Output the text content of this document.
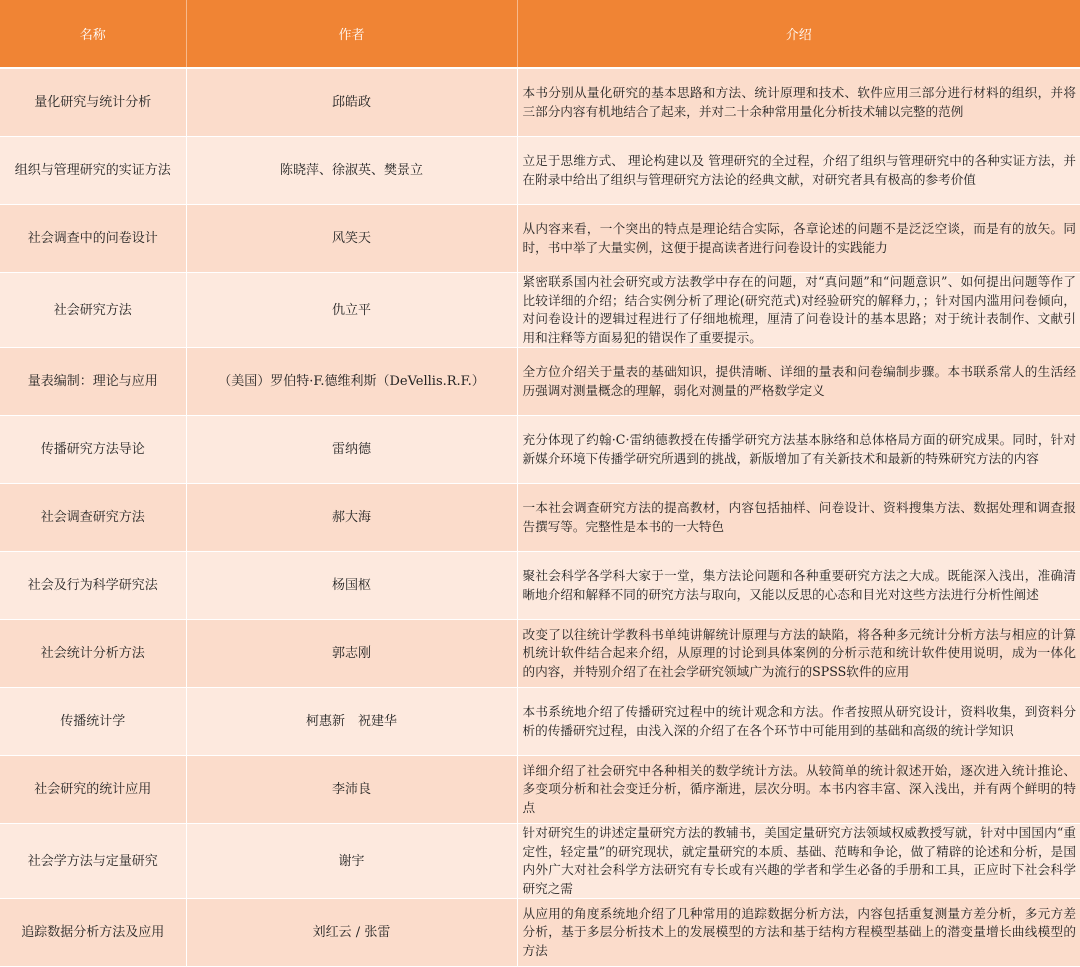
名称	作者	介绍
量化研究与统计分析	邱皓政	本书分别从量化研究的基本思路和方法、统计原理和技术、软件应用三部分进行材料的组织，并将三部分内容有机地结合了起来，并对二十余种常用量化分析技术辅以完整的范例
组织与管理研究的实证方法	陈晓萍、徐淑英、樊景立	立足于思维方式、 理论构建以及 管理研究的全过程，介绍了组织与管理研究中的各种实证方法，并在附录中给出了组织与管理研究方法论的经典文献，对研究者具有极高的参考价值
社会调查中的问卷设计	风笑天	从内容来看，一个突出的特点是理论结合实际，各章论述的问题不是泛泛空谈，而是有的放矢。同时，书中举了大量实例，这便于提高读者进行问卷设计的实践能力
社会研究方法	仇立平	紧密联系国内社会研究或方法教学中存在的问题，对“真问题”和“问题意识”、如何提出问题等作了比较详细的介绍；结合实例分析了理论(研究范式)对经验研究的解释力，；针对国内滥用问卷倾向，对问卷设计的逻辑过程进行了仔细地梳理，厘清了问卷设计的基本思路；对于统计表制作、文献引用和注释等方面易犯的错误作了重要提示。
量表编制：理论与应用	（美国）罗伯特·F.德维利斯（DeVellis.R.F.）	全方位介绍关于量表的基础知识，提供清晰、详细的量表和问卷编制步骤。本书联系常人的生活经历强调对测量概念的理解，弱化对测量的严格数学定义
传播研究方法导论	雷纳德	充分体现了约翰·C·雷纳德教授在传播学研究方法基本脉络和总体格局方面的研究成果。同时，针对新媒介环境下传播学研究所遇到的挑战，新版增加了有关新技术和最新的特殊研究方法的内容
社会调查研究方法	郝大海	一本社会调查研究方法的提高教材，内容包括抽样、问卷设计、资料搜集方法、数据处理和调查报告撰写等。完整性是本书的一大特色
社会及行为科学研究法	杨国枢	聚社会科学各学科大家于一堂，集方法论问题和各种重要研究方法之大成。既能深入浅出，准确清晰地介绍和解释不同的研究方法与取向，又能以反思的心态和目光对这些方法进行分析性阐述
社会统计分析方法	郭志刚	改变了以往统计学教科书单纯讲解统计原理与方法的缺陷，将各种多元统计分析方法与相应的计算机统计软件结合起来介绍，从原理的讨论到具体案例的分析示范和统计软件使用说明，成为一体化的内容，并特别介绍了在社会学研究领域广为流行的SPSS软件的应用
传播统计学	柯惠新　祝建华	本书系统地介绍了传播研究过程中的统计观念和方法。作者按照从研究设计，资料收集，到资料分析的传播研究过程，由浅入深的介绍了在各个环节中可能用到的基础和高级的统计学知识
社会研究的统计应用	李沛良	详细介绍了社会研究中各种相关的数学统计方法。从较简单的统计叙述开始，逐次进入统计推论、多变项分析和社会变迁分析，循序渐进，层次分明。本书内容丰富、深入浅出，并有两个鲜明的特点
社会学方法与定量研究	谢宇	针对研究生的讲述定量研究方法的教辅书，美国定量研究方法领域权威教授写就，针对中国国内“重定性，轻定量”的研究现状，就定量研究的本质、基础、范畴和争论，做了精辟的论述和分析，是国内外广大对社会科学方法研究有专长或有兴趣的学者和学生必备的手册和工具，正应时下社会科学研究之需
追踪数据分析方法及应用	刘红云 / 张雷	从应用的角度系统地介绍了几种常用的追踪数据分析方法，内容包括重复测量方差分析，多元方差分析，基于多层分析技术上的发展模型的方法和基于结构方程模型基础上的潜变量增长曲线模型的方法
